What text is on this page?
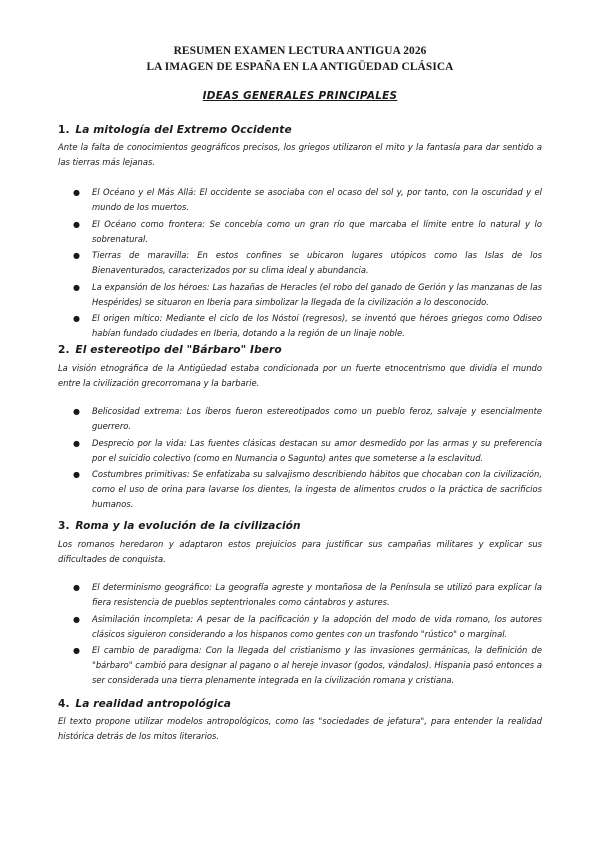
RESUMEN EXAMEN LECTURA ANTIGUA 2026
LA IMAGEN DE ESPAÑA EN LA ANTIGÜEDAD CLÁSICA
IDEAS GENERALES PRINCIPALES
1. La mitología del Extremo Occidente
Ante la falta de conocimientos geográficos precisos, los griegos utilizaron el mito y la fantasía para dar sentido a las tierras más lejanas.
● El Océano y el Más Allá: El occidente se asociaba con el ocaso del sol y, por tanto, con la oscuridad y el mundo de los muertos.
● El Océano como frontera: Se concebía como un gran río que marcaba el límite entre lo natural y lo sobrenatural.
● Tierras de maravilla: En estos confines se ubicaron lugares utópicos como las Islas de los Bienaventurados, caracterizados por su clima ideal y abundancia.
● La expansión de los héroes: Las hazañas de Heracles (el robo del ganado de Gerión y las manzanas de las Hespérides) se situaron en Iberia para simbolizar la llegada de la civilización a lo desconocido.
● El origen mítico: Mediante el ciclo de los Nóstoi (regresos), se inventó que héroes griegos como Odiseo habían fundado ciudades en Iberia, dotando a la región de un linaje noble.
2. El estereotipo del "Bárbaro" Ibero
La visión etnográfica de la Antigüedad estaba condicionada por un fuerte etnocentrismo que dividía el mundo entre la civilización grecorromana y la barbarie.
● Belicosidad extrema: Los íberos fueron estereotipados como un pueblo feroz, salvaje y esencialmente guerrero.
● Desprecio por la vida: Las fuentes clásicas destacan su amor desmedido por las armas y su preferencia por el suicidio colectivo (como en Numancia o Sagunto) antes que someterse a la esclavitud.
● Costumbres primitivas: Se enfatizaba su salvajismo describiendo hábitos que chocaban con la civilización, como el uso de orina para lavarse los dientes, la ingesta de alimentos crudos o la práctica de sacrificios humanos.
3. Roma y la evolución de la civilización
Los romanos heredaron y adaptaron estos prejuicios para justificar sus campañas militares y explicar sus dificultades de conquista.
● El determinismo geográfico: La geografía agreste y montañosa de la Península se utilizó para explicar la fiera resistencia de pueblos septentrionales como cántabros y astures.
● Asimilación incompleta: A pesar de la pacificación y la adopción del modo de vida romano, los autores clásicos siguieron considerando a los hispanos como gentes con un trasfondo "rústico" o marginal.
● El cambio de paradigma: Con la llegada del cristianismo y las invasiones germánicas, la definición de "bárbaro" cambió para designar al pagano o al hereje invasor (godos, vándalos). Hispania pasó entonces a ser considerada una tierra plenamente integrada en la civilización romana y cristiana.
4. La realidad antropológica
El texto propone utilizar modelos antropológicos, como las "sociedades de jefatura", para entender la realidad histórica detrás de los mitos literarios.
